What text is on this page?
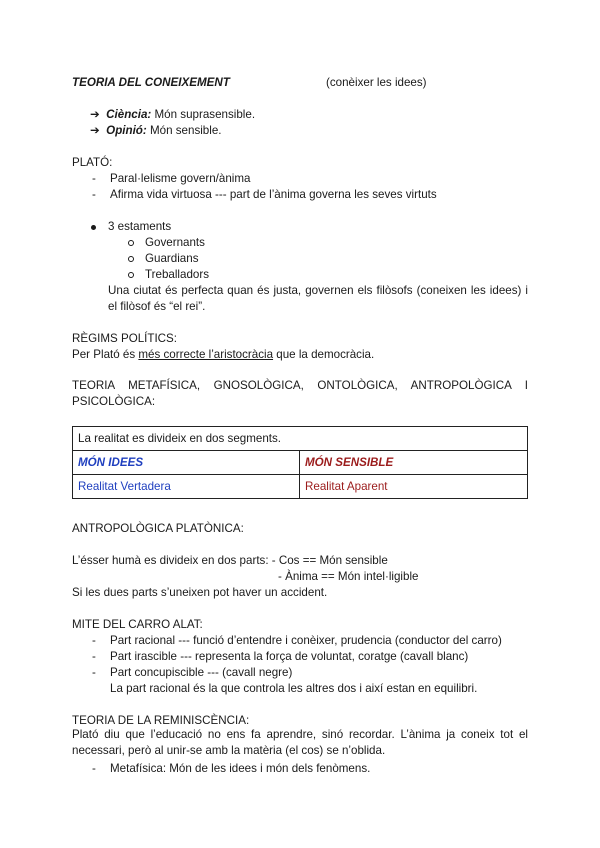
TEORIA DEL CONEIXEMENT	(conèixer les idees)
➔ Ciència: Món suprasensible.
➔ Opinió: Món sensible.
PLATÓ:
- Paral·lelisme govern/ànima
- Afirma vida virtuosa --- part de l’ànima governa les seves virtuts
3 estaments
Governants
Guardians
Treballadors
Una ciutat és perfecta quan és justa, governen els filòsofs (coneixen les idees) i el filòsof és “el rei”.
RÈGIMS POLÍTICS:
Per Plató és més correcte l’aristocràcia que la democràcia.
TEORIA METAFÍSICA, GNOSOLÒGICA, ONTOLÒGICA, ANTROPOLÒGICA I PSICOLÒGICA:
La realitat es divideix en dos segments.	
MÓN IDEES	MÓN SENSIBLE
Realitat Vertadera	Realitat Aparent
ANTROPOLÒGICA PLATÒNICA:
L’ésser humà es divideix en dos parts: - Cos == Món sensible
- Ànima == Món intel·ligible
Si les dues parts s’uneixen pot haver un accident.
MITE DEL CARRO ALAT:
- Part racional --- funció d’entendre i conèixer, prudencia (conductor del carro)
- Part irascible --- representa la força de voluntat, coratge (cavall blanc)
- Part concupiscible --- (cavall negre)
La part racional és la que controla les altres dos i així estan en equilibri.
TEORIA DE LA REMINISCÈNCIA:
Plató diu que l’educació no ens fa aprendre, sinó recordar. L’ànima ja coneix tot el necessari, però al unir-se amb la matèria (el cos) se n’oblida.
- Metafísica: Món de les idees i món dels fenòmens.
